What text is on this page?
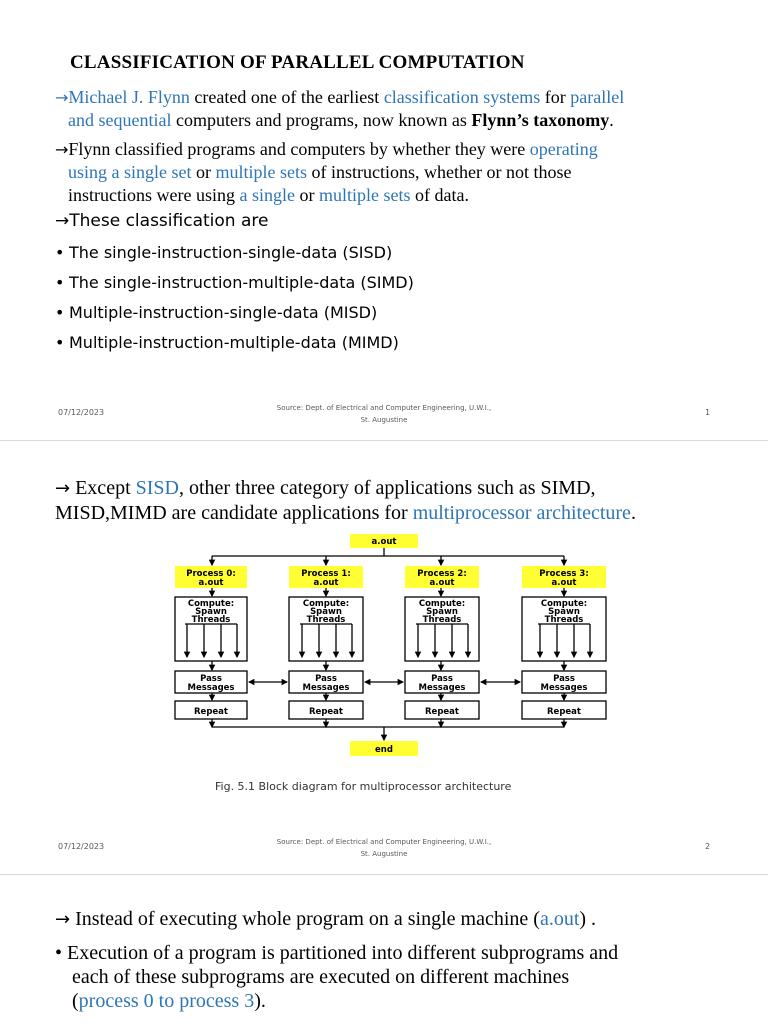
CLASSIFICATION OF PARALLEL COMPUTATION
→Michael J. Flynn created one of the earliest classification systems for parallel
and sequential computers and programs, now known as Flynn’s taxonomy.
→Flynn classified programs and computers by whether they were operating
using a single set or multiple sets of instructions, whether or not those
instructions were using a single or multiple sets of data.
→These classification are
• The single-instruction-single-data (SISD)
• The single-instruction-multiple-data (SIMD)
• Multiple-instruction-single-data (MISD)
• Multiple-instruction-multiple-data (MIMD)
07/12/2023	Source: Dept. of Electrical and Computer Engineering, U.W.I.,
St. Augustine
1
→ Except SISD, other three category of applications such as SIMD,
MISD,MIMD are candidate applications for multiprocessor architecture.
a.out
Process 0:
a.out
Process 1:
a.out
Process 2:
a.out
Process 3:
a.out
Compute:
Spawn
Threads
Compute:
Spawn
Threads
Compute:
Spawn
Threads
Compute:
Spawn
Threads
Pass
Messages
Pass
Messages
Pass
Messages
Pass
Messages
Repeat	Repeat	Repeat	Repeat
end
Fig. 5.1 Block diagram for multiprocessor architecture
07/12/2023	Source: Dept. of Electrical and Computer Engineering, U.W.I.,
St. Augustine
2
→ Instead of executing whole program on a single machine (a.out) .
• Execution of a program is partitioned into different subprograms and
each of these subprograms are executed on different machines
(process 0 to process 3).
